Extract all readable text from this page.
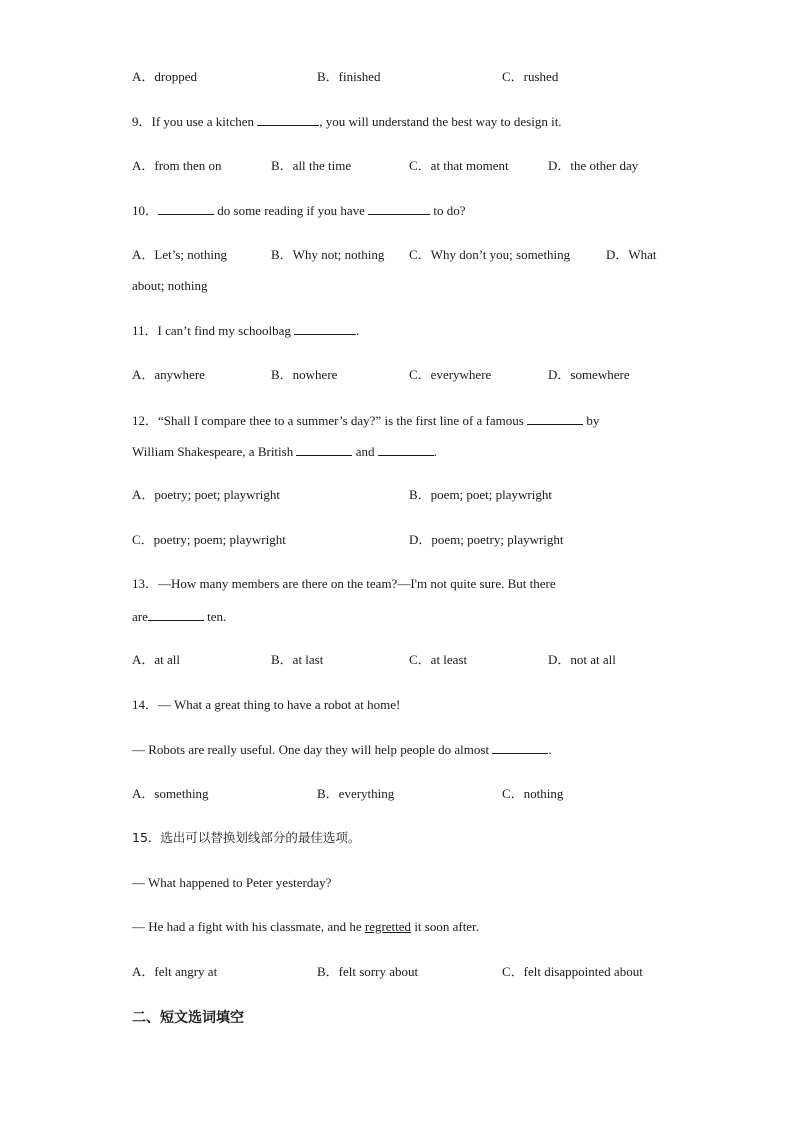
A．dropped	B．finished	C．rushed
9．If you use a kitchen	, you will understand the best way to design it.
A．from then on	B．all the time	C．at that moment	D．the other day
10．	do some reading if you have	to do?
A．Let’s; nothing	B．Why not; nothing C．Why don’t you; something	D．What
about; nothing
11．I can’t find my schoolbag	.
A．anywhere	B．nowhere	C．everywhere	D．somewhere
12．“Shall I compare thee to a summer’s day?” is the first line of a famous	by
William Shakespeare, a British	and	.
A．poetry; poet; playwright	B．poem; poet; playwright
C．poetry; poem; playwright	D．poem; poetry; playwright
13．—How many members are there on the team?—I'm not quite sure. But there
are	ten.
A．at all	B．at last	C．at least	D．not at all
14．— What a great thing to have a robot at home!
— Robots are really useful. One day they will help people do almost	.
A．something	B．everything	C．nothing
15．选出可以替换划线部分的最佳选项。
— What happened to Peter yesterday?
— He had a fight with his classmate, and he regretted it soon after.
A．felt angry at	B．felt sorry about	C．felt disappointed about
二、短文选词填空
